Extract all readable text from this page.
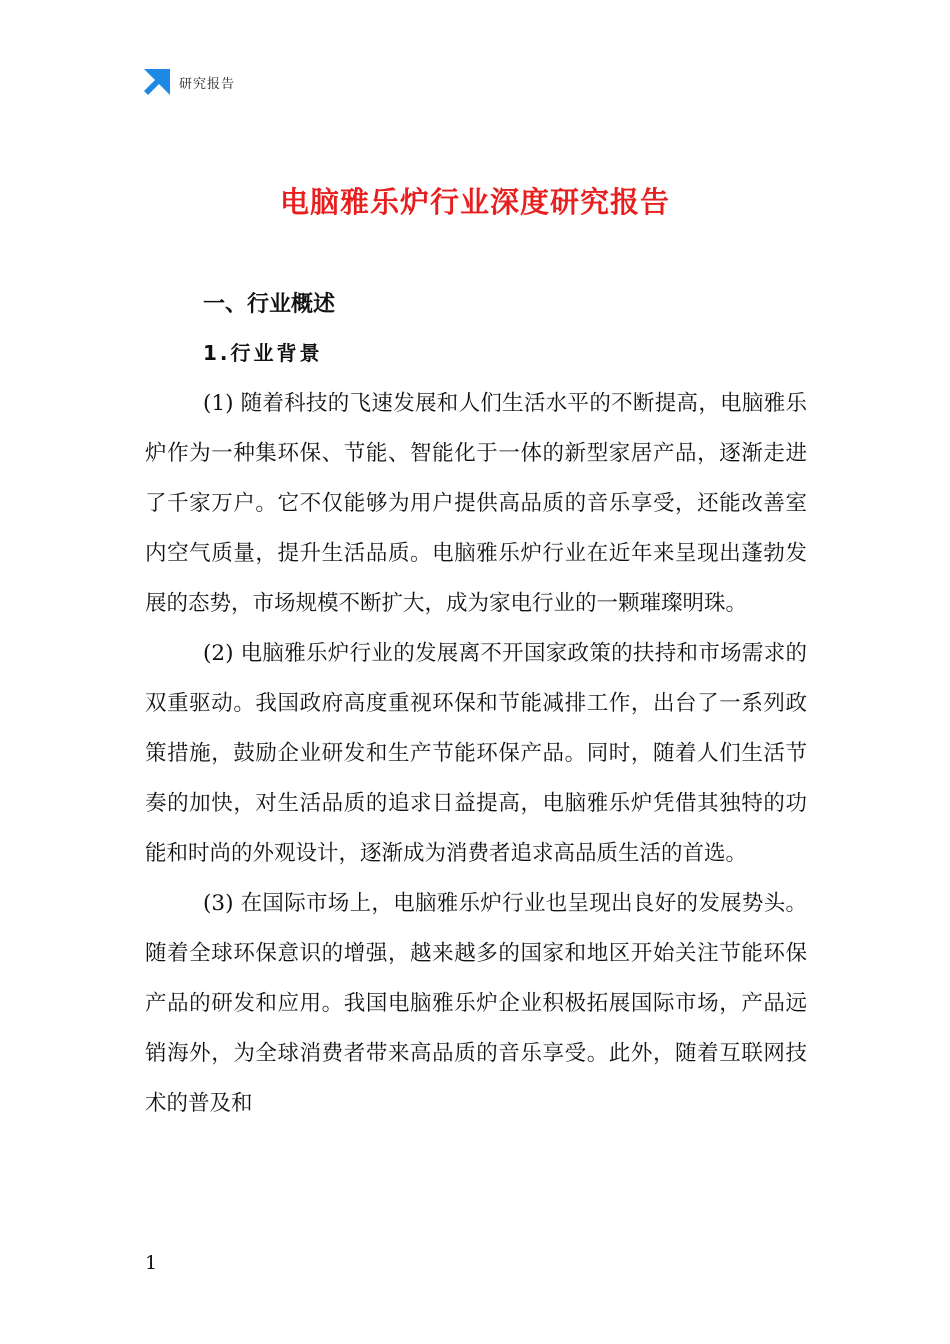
研究报告
电脑雅乐炉行业深度研究报告
一、行业概述
1.行业背景

(1) 随着科技的飞速发展和人们生活水平的不断提高，电脑雅乐炉作为一种集环保、节能、智能化于一体的新型家居产品，逐渐走进了千家万户。它不仅能够为用户提供高品质的音乐享受，还能改善室内空气质量，提升生活品质。电脑雅乐炉行业在近年来呈现出蓬勃发展的态势，市场规模不断扩大，成为家电行业的一颗璀璨明珠。

(2) 电脑雅乐炉行业的发展离不开国家政策的扶持和市场需求的双重驱动。我国政府高度重视环保和节能减排工作，出台了一系列政策措施，鼓励企业研发和生产节能环保产品。同时，随着人们生活节奏的加快，对生活品质的追求日益提高，电脑雅乐炉凭借其独特的功能和时尚的外观设计，逐渐成为消费者追求高品质生活的首选。

(3) 在国际市场上，电脑雅乐炉行业也呈现出良好的发展势头。随着全球环保意识的增强，越来越多的国家和地区开始关注节能环保产品的研发和应用。我国电脑雅乐炉企业积极拓展国际市场，产品远销海外，为全球消费者带来高品质的音乐享受。此外，随着互联网技术的普及和

1
